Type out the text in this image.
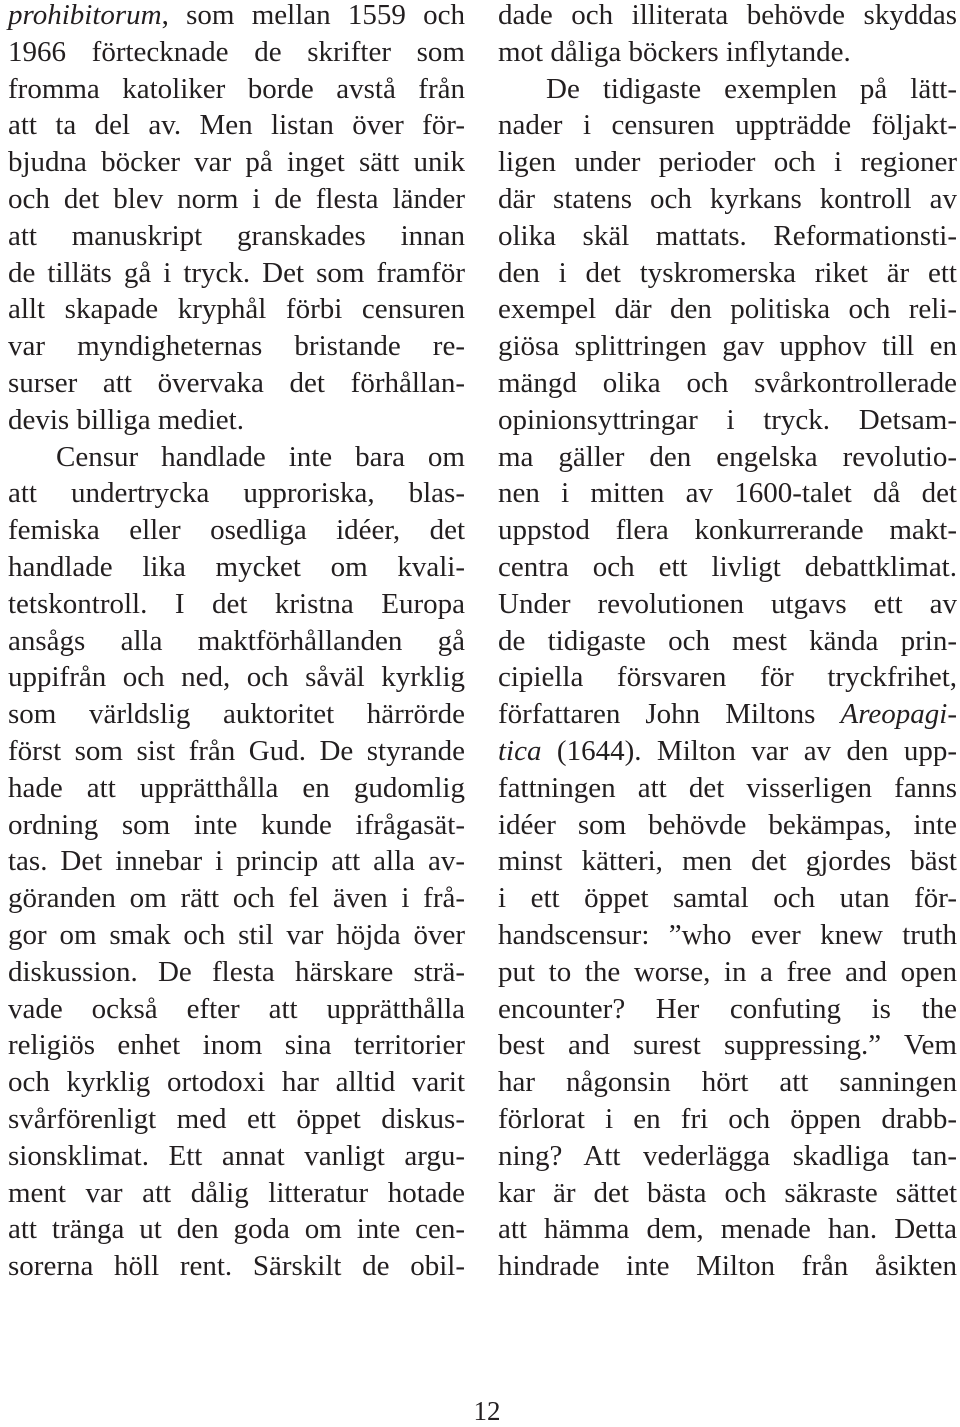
prohibitorum, som mellan 1559 och
1966 förtecknade de skrifter som
fromma katoliker borde avstå från
att ta del av. Men listan över för-
bjudna böcker var på inget sätt unik
och det blev norm i de flesta länder
att manuskript granskades innan
de tilläts gå i tryck. Det som framför
allt skapade kryphål förbi censuren
var myndigheternas bristande re-
surser att övervaka det förhållan-
devis billiga mediet.
Censur handlade inte bara om
att undertrycka upproriska, blas-
femiska eller osedliga idéer, det
handlade lika mycket om kvali-
tetskontroll. I det kristna Europa
ansågs alla maktförhållanden gå
uppifrån och ned, och såväl kyrklig
som världslig auktoritet härrörde
först som sist från Gud. De styrande
hade att upprätthålla en gudomlig
ordning som inte kunde ifrågasät-
tas. Det innebar i princip att alla av-
göranden om rätt och fel även i frå-
gor om smak och stil var höjda över
diskussion. De flesta härskare strä-
vade också efter att upprätthålla
religiös enhet inom sina territorier
och kyrklig ortodoxi har alltid varit
svårförenligt med ett öppet diskus-
sionsklimat. Ett annat vanligt argu-
ment var att dålig litteratur hotade
att tränga ut den goda om inte cen-
sorerna höll rent. Särskilt de obil-
dade och illiterata behövde skyddas
mot dåliga böckers inflytande.
De tidigaste exemplen på lätt-
nader i censuren uppträdde följakt-
ligen under perioder och i regioner
där statens och kyrkans kontroll av
olika skäl mattats. Reformationsti-
den i det tyskromerska riket är ett
exempel där den politiska och reli-
giösa splittringen gav upphov till en
mängd olika och svårkontrollerade
opinionsyttringar i tryck. Detsam-
ma gäller den engelska revolutio-
nen i mitten av 1600-talet då det
uppstod flera konkurrerande makt-
centra och ett livligt debattklimat.
Under revolutionen utgavs ett av
de tidigaste och mest kända prin-
cipiella försvaren för tryckfrihet,
författaren John Miltons Areopagi-
tica (1644). Milton var av den upp-
fattningen att det visserligen fanns
idéer som behövde bekämpas, inte
minst kätteri, men det gjordes bäst
i ett öppet samtal och utan för-
handscensur: ”who ever knew truth
put to the worse, in a free and open
encounter? Her confuting is the
best and surest suppressing.” Vem
har någonsin hört att sanningen
förlorat i en fri och öppen drabb-
ning? Att vederlägga skadliga tan-
kar är det bästa och säkraste sättet
att hämma dem, menade han. Detta
hindrade inte Milton från åsikten
12
